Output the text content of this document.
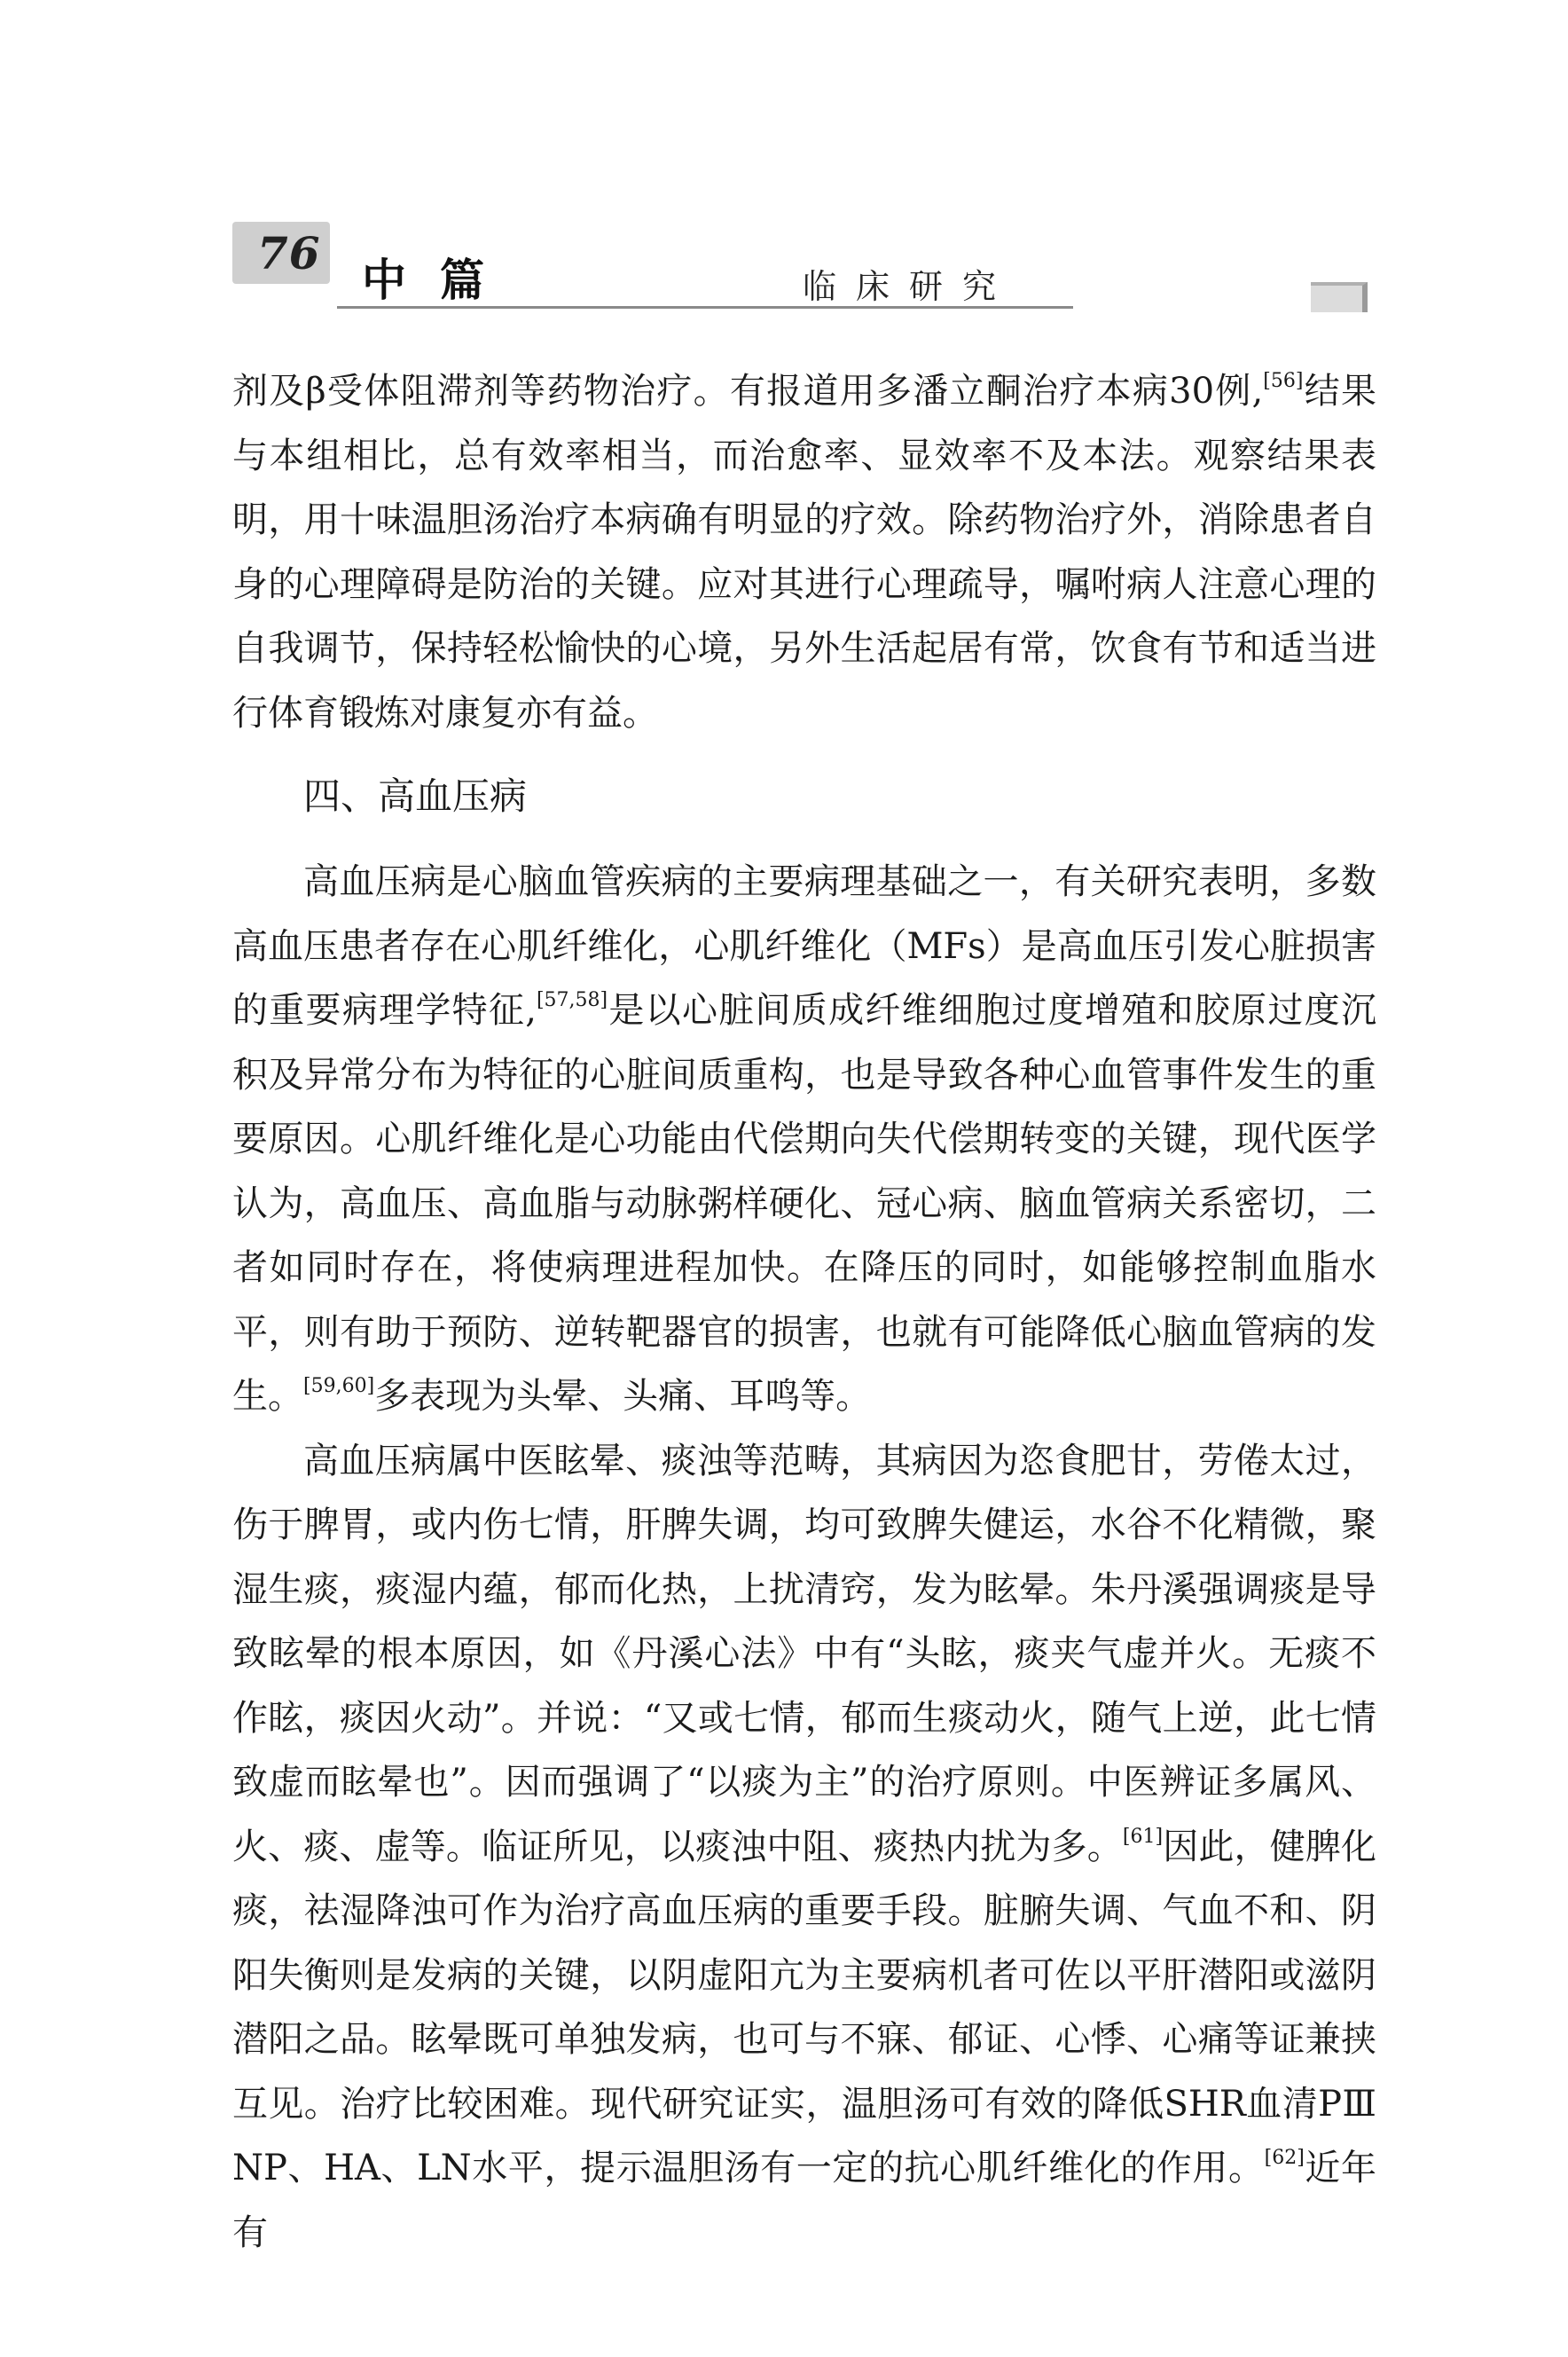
76
中篇	临床研究

剂及β受体阻滞剂等药物治疗。有报道用多潘立酮治疗本病30例,[56]结果与本组相比，总有效率相当，而治愈率、显效率不及本法。观察结果表明，用十味温胆汤治疗本病确有明显的疗效。除药物治疗外，消除患者自身的心理障碍是防治的关键。应对其进行心理疏导，嘱咐病人注意心理的自我调节，保持轻松愉快的心境，另外生活起居有常，饮食有节和适当进行体育锻炼对康复亦有益。

四、高血压病

高血压病是心脑血管疾病的主要病理基础之一，有关研究表明，多数高血压患者存在心肌纤维化，心肌纤维化（MFs）是高血压引发心脏损害的重要病理学特征,[57,58]是以心脏间质成纤维细胞过度增殖和胶原过度沉积及异常分布为特征的心脏间质重构，也是导致各种心血管事件发生的重要原因。心肌纤维化是心功能由代偿期向失代偿期转变的关键，现代医学认为，高血压、高血脂与动脉粥样硬化、冠心病、脑血管病关系密切，二者如同时存在，将使病理进程加快。在降压的同时，如能够控制血脂水平，则有助于预防、逆转靶器官的损害，也就有可能降低心脑血管病的发生。[59,60]多表现为头晕、头痛、耳鸣等。

高血压病属中医眩晕、痰浊等范畴，其病因为恣食肥甘，劳倦太过，伤于脾胃，或内伤七情，肝脾失调，均可致脾失健运，水谷不化精微，聚湿生痰，痰湿内蕴，郁而化热，上扰清窍，发为眩晕。朱丹溪强调痰是导致眩晕的根本原因，如《丹溪心法》中有“头眩，痰夹气虚并火。无痰不作眩，痰因火动”。并说：“又或七情，郁而生痰动火，随气上逆，此七情致虚而眩晕也”。因而强调了“以痰为主”的治疗原则。中医辨证多属风、火、痰、虚等。临证所见，以痰浊中阻、痰热内扰为多。[61]因此，健脾化痰，祛湿降浊可作为治疗高血压病的重要手段。脏腑失调、气血不和、阴阳失衡则是发病的关键，以阴虚阳亢为主要病机者可佐以平肝潜阳或滋阴潜阳之品。眩晕既可单独发病，也可与不寐、郁证、心悸、心痛等证兼挟互见。治疗比较困难。现代研究证实，温胆汤可有效的降低SHR血清PⅢNP、HA、LN水平，提示温胆汤有一定的抗心肌纤维化的作用。[62]近年有
